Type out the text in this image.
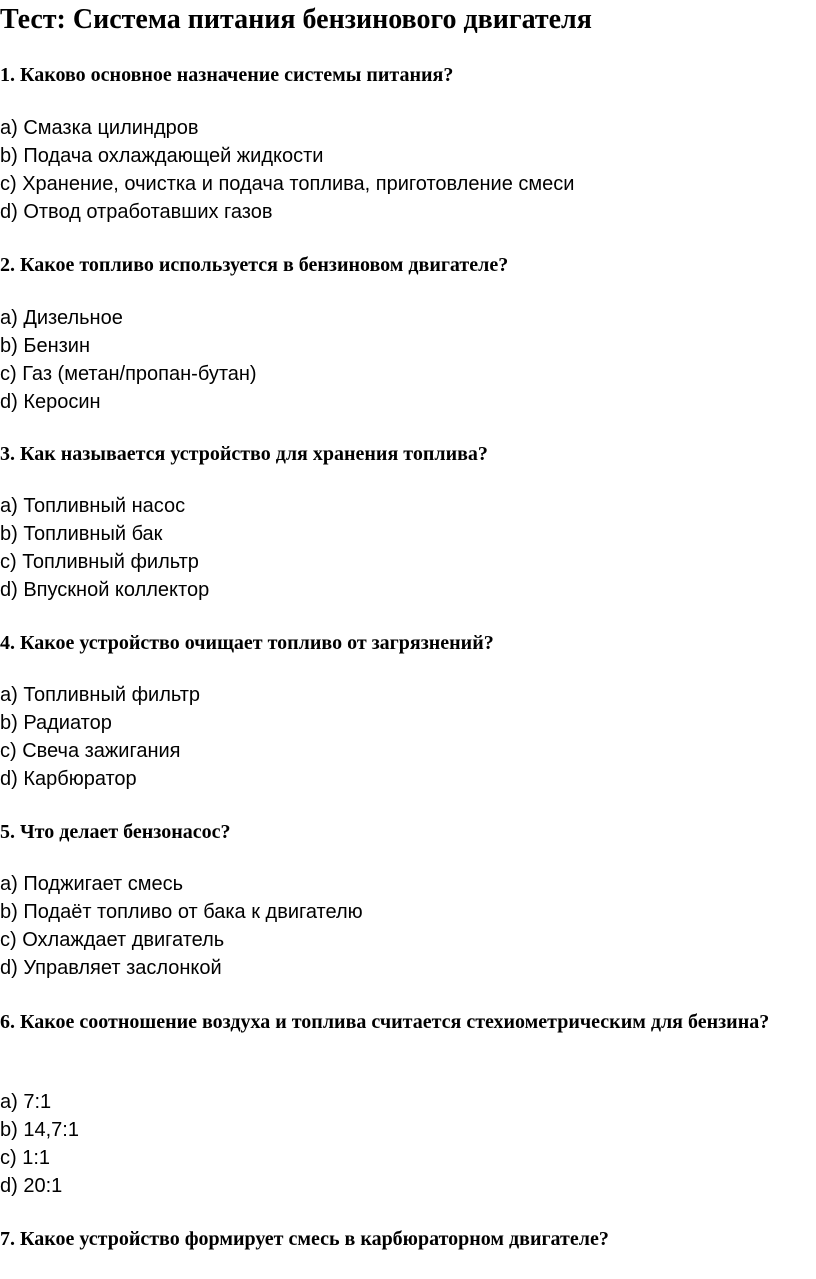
Тест: Система питания бензинового двигателя

1. Каково основное назначение системы питания?

a) Смазка цилиндров
b) Подача охлаждающей жидкости
c) Хранение, очистка и подача топлива, приготовление смеси
d) Отвод отработавших газов

2. Какое топливо используется в бензиновом двигателе?

a) Дизельное
b) Бензин
c) Газ (метан/пропан-бутан)
d) Керосин

3. Как называется устройство для хранения топлива?

a) Топливный насос
b) Топливный бак
c) Топливный фильтр
d) Впускной коллектор

4. Какое устройство очищает топливо от загрязнений?

a) Топливный фильтр
b) Радиатор
c) Свеча зажигания
d) Карбюратор

5. Что делает бензонасос?

a) Поджигает смесь
b) Подаёт топливо от бака к двигателю
c) Охлаждает двигатель
d) Управляет заслонкой

6. Какое соотношение воздуха и топлива считается стехиометрическим для бензина?

a) 7:1
b) 14,7:1
c) 1:1
d) 20:1

7. Какое устройство формирует смесь в карбюраторном двигателе?
